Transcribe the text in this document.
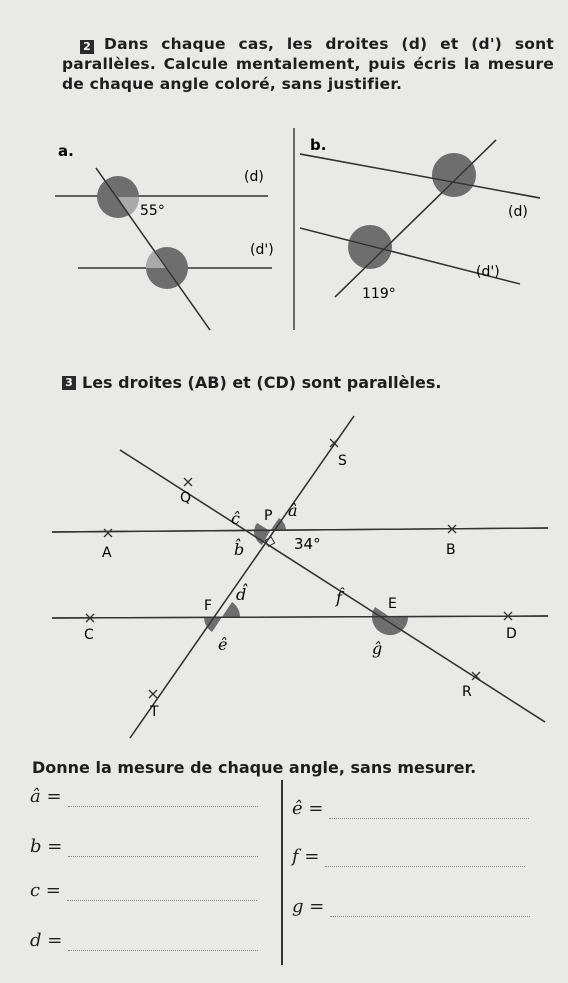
2 Dans chaque cas, les droites (d) et (d') sont parallèles. Calcule mentalement, puis écris la mesure de chaque angle coloré, sans justifier.
a.
(d)
(d')
55°
b.
(d)
(d')
119°
3 Les droites (AB) et (CD) sont parallèles.
S
Q
P
A	B
F
C
E
D
R
T
â
ĉ
b̂	34°
d̂
ê
f̂
ĝ
Donne la mesure de chaque angle, sans mesurer.
â =
b =
c =
d =
ê =
f =
g =
